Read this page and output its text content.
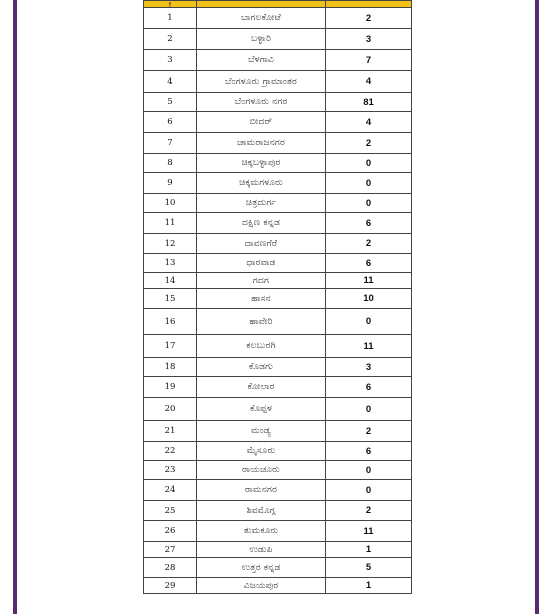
ಕ್ರ		
1	ಬಾಗಲಕೋಟೆ	2
2	ಬಳ್ಳಾರಿ	3
3	ಬೆಳಗಾವಿ	7
4	ಬೆಂಗಳೂರು ಗ್ರಾಮಾಂತರ	4
5	ಬೆಂಗಳೂರು ನಗರ	81
6	ಬೀದರ್	4
7	ಚಾಮರಾಜನಗರ	2
8	ಚಿಕ್ಕಬಳ್ಳಾಪುರ	0
9	ಚಿಕ್ಕಮಗಳೂರು	0
10	ಚಿತ್ರದುರ್ಗ	0
11	ದಕ್ಷಿಣ ಕನ್ನಡ	6
12	ದಾವಣಗೆರೆ	2
13	ಧಾರವಾಡ	6
14	ಗದಗ	11
15	ಹಾಸನ	10
16	ಹಾವೇರಿ	0
17	ಕಲಬುರಗಿ	11
18	ಕೊಡಗು	3
19	ಕೋಲಾರ	6
20	ಕೊಪ್ಪಳ	0
21	ಮಂಡ್ಯ	2
22	ಮೈಸೂರು	6
23	ರಾಯಚೂರು	0
24	ರಾಮನಗರ	0
25	ಶಿವಮೊಗ್ಗ	2
26	ತುಮಕೂರು	11
27	ಉಡುಪಿ	1
28	ಉತ್ತರ ಕನ್ನಡ	5
29	ವಿಜಯಪುರ	1
